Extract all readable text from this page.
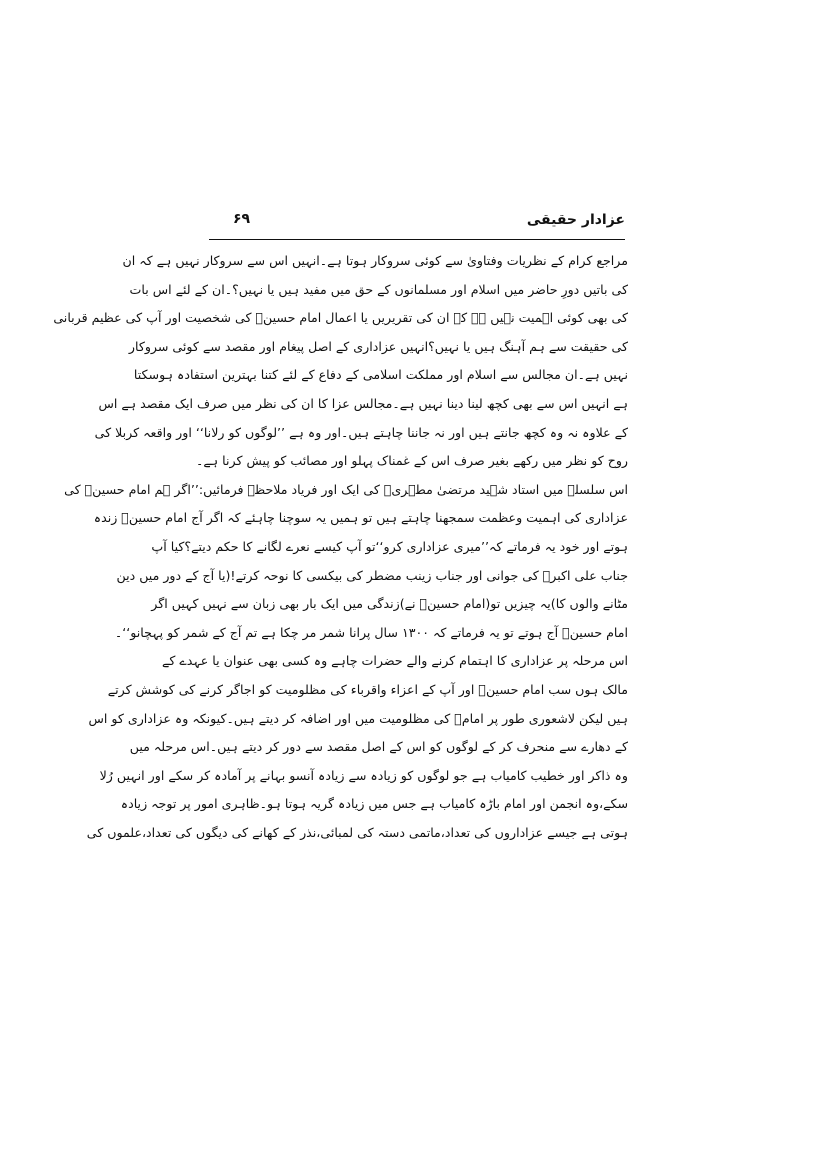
عزادار حقیقی
۶۹

مراجع کرام کے نظریات وفتاویٰ سے کوئی سروکار ہوتا ہے۔انہیں اس سے سروکار نہیں ہے کہ ان
کی باتیں دورِ حاضر میں اسلام اور مسلمانوں کے حق میں مفید ہیں یا نہیں؟۔ان کے لئے اس بات
کی بھی کوئی اہمیت نہیں ہے کہ ان کی تقریریں یا اعمال امام حسینؑ کی شخصیت اور آپ کی عظیم قربانی
کی حقیقت سے ہم آہنگ ہیں یا نہیں؟انہیں عزاداری کے اصل پیغام اور مقصد سے کوئی سروکار
نہیں ہے۔ان مجالس سے اسلام اور مملکت اسلامی کے دفاع کے لئے کتنا بہترین استفادہ ہوسکتا
ہے انہیں اس سے بھی کچھ لینا دینا نہیں ہے۔مجالس عزا کا ان کی نظر میں صرف ایک مقصد ہے اس
کے علاوہ نہ وہ کچھ جانتے ہیں اور نہ جاننا چاہتے ہیں۔اور وہ ہے ’’لوگوں کو رلانا‘‘ اور واقعہ کربلا کی
روح کو نظر میں رکھے بغیر صرف اس کے غمناک پہلو اور مصائب کو پیش کرنا ہے۔

اس سلسلہ میں استاد شہید مرتضیٰ مطہریؒ کی ایک اور فریاد ملاحظہ فرمائیں:’’اگر ہم امام حسینؑ کی
عزاداری کی اہمیت وعظمت سمجھنا چاہتے ہیں تو ہمیں یہ سوچنا چاہئے کہ اگر آج امام حسینؑ زندہ
ہوتے اور خود یہ فرماتے کہ’’میری عزاداری کرو‘‘تو آپ کیسے نعرے لگانے کا حکم دیتے؟کیا آپ
جناب علی اکبرؑ کی جوانی اور جناب زینب مضطر کی بیکسی کا نوحہ کرتے!(یا آج کے دور میں دین
مٹانے والوں کا)یہ چیزیں تو(امام حسینؑ نے)زندگی میں ایک بار بھی زبان سے نہیں کہیں اگر
امام حسینؑ آج ہوتے تو یہ فرماتے کہ ۱۳۰۰ سال پرانا شمر مر چکا ہے تم آج کے شمر کو پہچانو‘‘۔

اس مرحلہ پر عزاداری کا اہتمام کرنے والے حضرات چاہے وہ کسی بھی عنوان یا عہدے کے
مالک ہوں سب امام حسینؑ اور آپ کے اعزاء واقرباء کی مظلومیت کو اجاگر کرنے کی کوشش کرتے
ہیں لیکن لاشعوری طور پر امامؑ کی مظلومیت میں اور اضافہ کر دیتے ہیں۔کیونکہ وہ عزاداری کو اس
کے دھارے سے منحرف کر کے لوگوں کو اس کے اصل مقصد سے دور کر دیتے ہیں۔اس مرحلہ میں
وہ ذاکر اور خطیب کامیاب ہے جو لوگوں کو زیادہ سے زیادہ آنسو بہانے پر آمادہ کر سکے اور انہیں رُلا
سکے،وہ انجمن اور امام باڑہ کامیاب ہے جس میں زیادہ گریہ ہوتا ہو۔ظاہری امور پر توجہ زیادہ
ہوتی ہے جیسے عزاداروں کی تعداد،ماتمی دستہ کی لمبائی،نذر کے کھانے کی دیگوں کی تعداد،علموں کی
